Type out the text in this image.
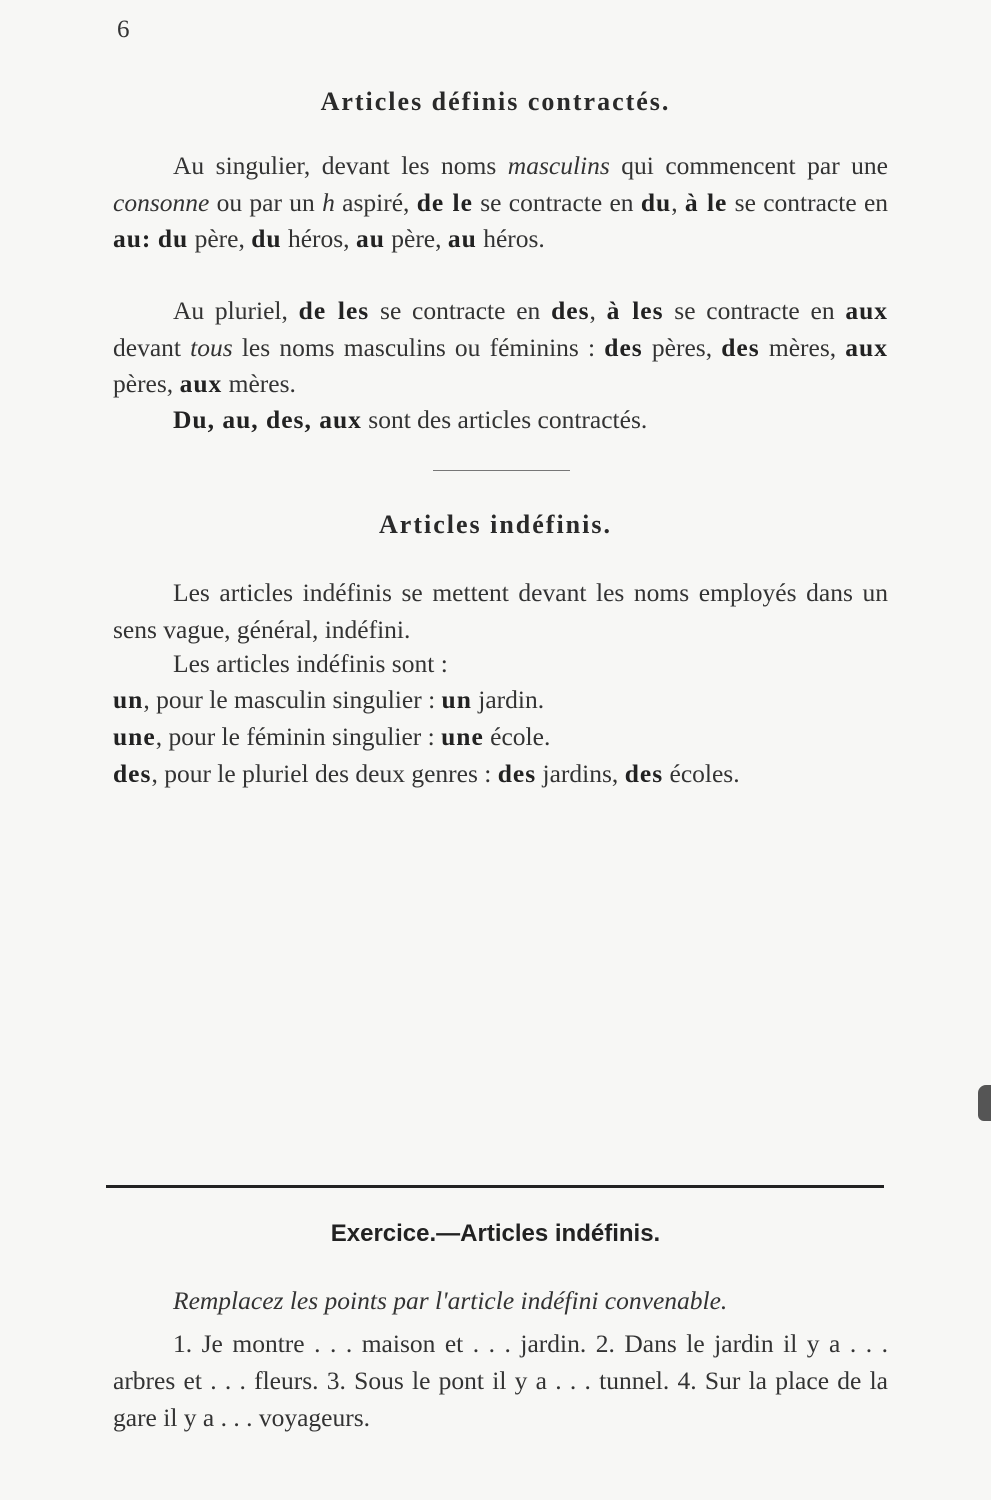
6
Articles définis contractés.

Au singulier, devant les noms masculins qui commencent par une consonne ou par un h aspiré, de le se contracte en du, à le se contracte en au: du père, du héros, au père, au héros.

Au pluriel, de les se contracte en des, à les se contracte en aux devant tous les noms masculins ou féminins : des pères, des mères, aux pères, aux mères.

Du, au, des, aux sont des articles contractés.

Articles indéfinis.

Les articles indéfinis se mettent devant les noms employés dans un sens vague, général, indéfini.

Les articles indéfinis sont :

un, pour le masculin singulier : un jardin.
une, pour le féminin singulier : une école.
des, pour le pluriel des deux genres : des jardins, des écoles.
Exercice.—Articles indéfinis.
Remplacez les points par l'article indéfini convenable.

1. Je montre . . . maison et . . . jardin. 2. Dans le jardin il y a . . . arbres et . . . fleurs. 3. Sous le pont il y a . . . tunnel. 4. Sur la place de la gare il y a . . . voyageurs.
